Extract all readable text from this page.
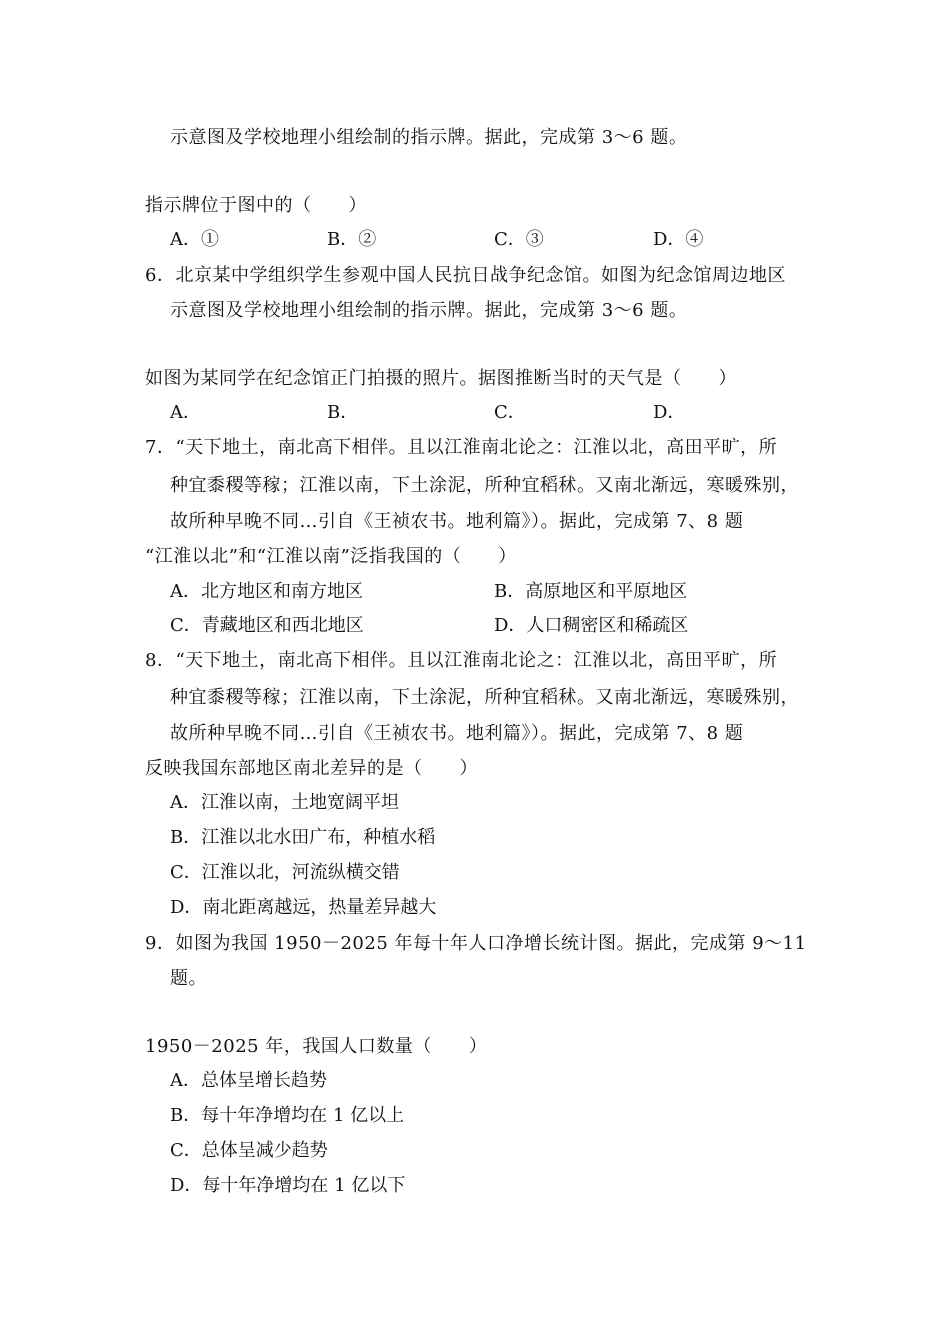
示意图及学校地理小组绘制的指示牌。据此，完成第 3～6 题。
指示牌位于图中的（　　）
A．①	B．②	C．③	D．④
6．北京某中学组织学生参观中国人民抗日战争纪念馆。如图为纪念馆周边地区
示意图及学校地理小组绘制的指示牌。据此，完成第 3～6 题。
如图为某同学在纪念馆正门拍摄的照片。据图推断当时的天气是（　　）
A．	B．	C．	D．
7．“天下地土，南北高下相伴。且以江淮南北论之：江淮以北，高田平旷，所
种宜黍稷等稼；江淮以南，下土涂泥，所种宜稻秫。又南北渐远，寒暖殊别，
故所种早晚不同…引自《王祯农书。地利篇》）。据此，完成第 7、8 题
“江淮以北”和“江淮以南”泛指我国的（　　）
A．北方地区和南方地区	B．高原地区和平原地区
C．青藏地区和西北地区	D．人口稠密区和稀疏区
8．“天下地土，南北高下相伴。且以江淮南北论之：江淮以北，高田平旷，所
种宜黍稷等稼；江淮以南，下土涂泥，所种宜稻秫。又南北渐远，寒暖殊别，
故所种早晚不同…引自《王祯农书。地利篇》）。据此，完成第 7、8 题
反映我国东部地区南北差异的是（　　）
A．江淮以南，土地宽阔平坦
B．江淮以北水田广布，种植水稻
C．江淮以北，河流纵横交错
D．南北距离越远，热量差异越大
9．如图为我国 1950－2025 年每十年人口净增长统计图。据此，完成第 9～11
题。
1950－2025 年，我国人口数量（　　）
A．总体呈增长趋势
B．每十年净增均在 1 亿以上
C．总体呈减少趋势
D．每十年净增均在 1 亿以下
